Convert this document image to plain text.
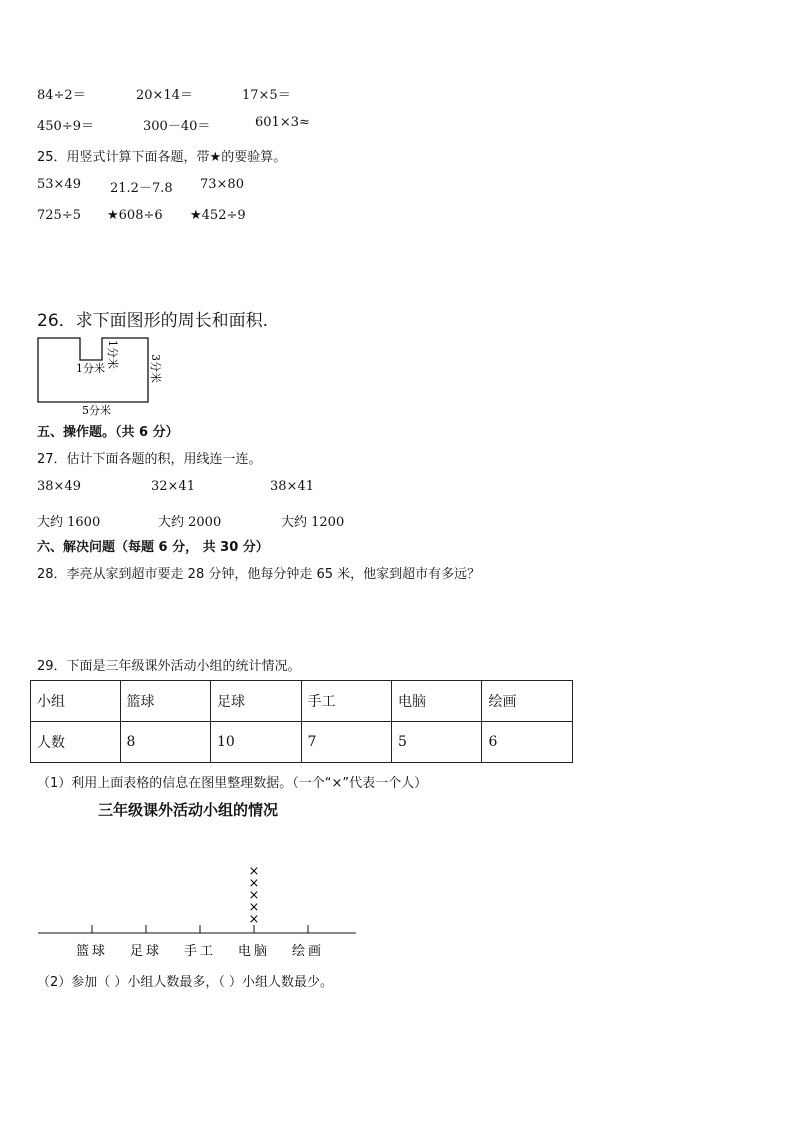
84÷2＝	20×14＝	17×5＝
450÷9＝	300－40＝	601×3≈
25．用竖式计算下面各题，带★的要验算。
53×49 21.2－7.8 73×80
725÷5 ★608÷6 ★452÷9
26．求下面图形的周长和面积.
1分米 1分米	3分米
5分米
五、操作题。（共 6 分）
27．估计下面各题的积，用线连一连。
38×49	32×41	38×41
大约 1600	大约 2000	大约 1200
六、解决问题（每题 6 分， 共 30 分）
28．李亮从家到超市要走 28 分钟，他每分钟走 65 米，他家到超市有多远？
29．下面是三年级课外活动小组的统计情况。
小组	篮球	足球	手工	电脑	绘画

人数	8	10	7	5	6
（1）利用上面表格的信息在图里整理数据。（一个“×”代表一个人）
三年级课外活动小组的情况
篮球 足球 手工 电脑
×
×
×
×
×
绘画
（2）参加（ ）小组人数最多，（ ）小组人数最少。
